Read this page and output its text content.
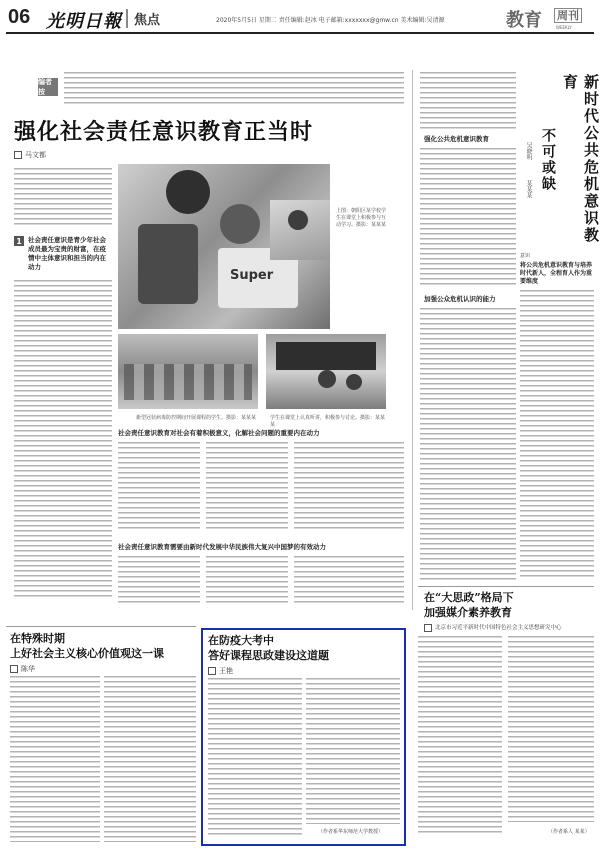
06 光明日報 焦点	2020年5月5日 星期二 责任编辑:赵冰 电子邮箱:xxxxxxx@gmw.cn 美术编辑:吴清源	教育 周刊
WEEKLY
编者按
强化社会责任意识教育正当时
马文都
1 社会责任意识是青少年社会成员最为宝贵的财富，在疫情中主体意识和担当的内在动力
Super
上图：朝阳区某学校学生在课堂上积极参与互动学习。摄影：某某某
新型冠状病毒防控期间开展课程的学生。摄影：某某某	学生在课堂上认真听讲，积极参与讨论。摄影：某某某
社会责任意识教育对社会有着积极意义，化解社会问题的重要内在动力
社会责任意识教育需要由新时代发展中华民族伟大复兴中国梦的有效动力
新时代公共危机意识教育
不可或缺
吴晓明
某某某
强化公共危机意识教育
意识
将公共危机意识教育与培养时代新人，全程育人作为重要维度
加强公众危机认识的能力
在“大思政”格局下
加强媒介素养教育
北京市习近平新时代中国特色社会主义思想研究中心
（作者系人 某某）
在特殊时期
上好社会主义核心价值观这一课
陈华
在防疫大考中
答好课程思政建设这道题
王艳
（作者系华东师范大学教授）
